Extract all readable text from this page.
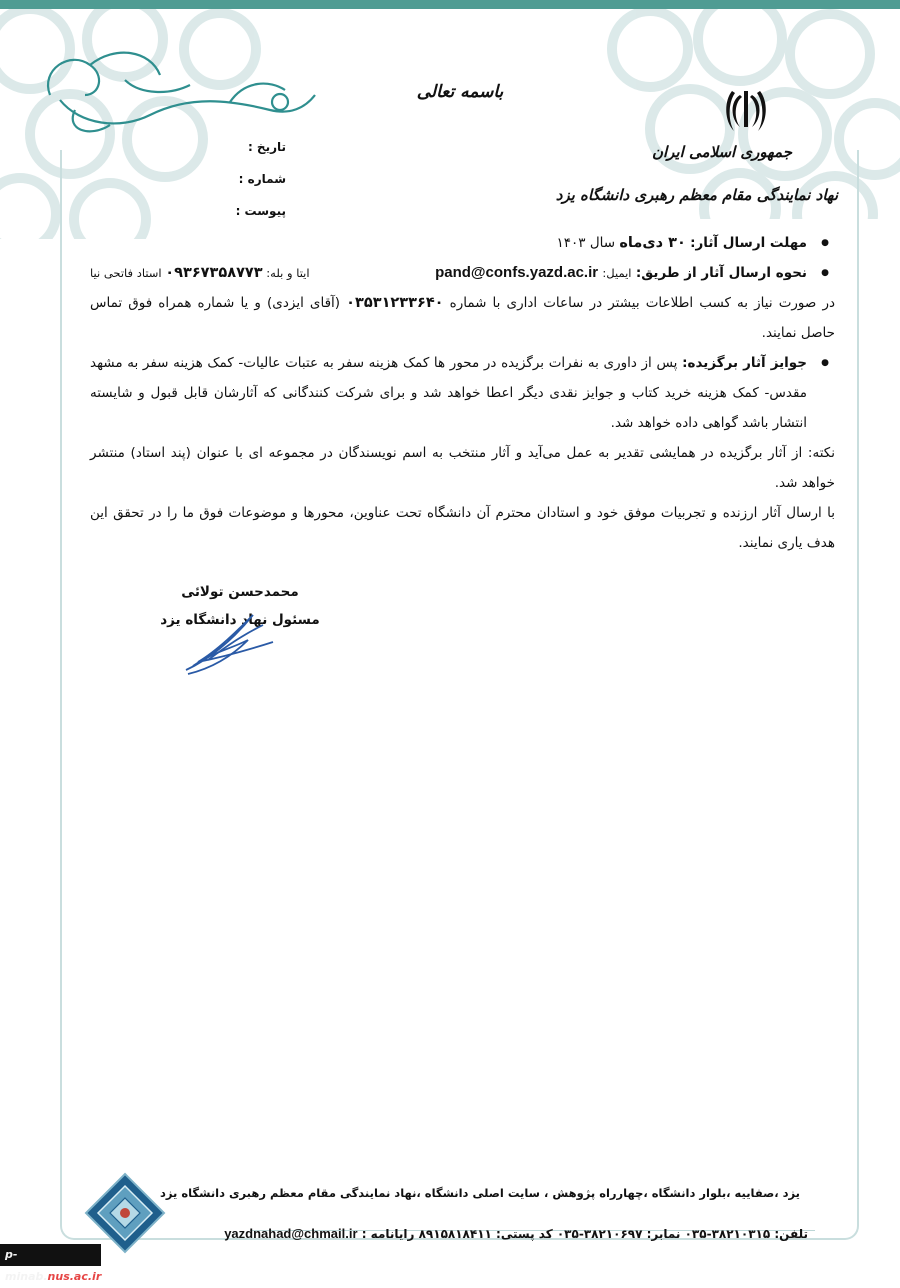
باسمه تعالی
جمهوری اسلامی ایران
نهاد نمایندگی مقام معظم رهبری دانشگاه یزد
تاریخ :
شماره :
پیوست :

● مهلت ارسال آثار: ۳۰ دی‌ماه سال ۱۴۰۳

● نحوه ارسال آثار از طریق: ایمیل: pand@confs.yazd.ac.ir
ایتا و بله: ۰۹۳۶۷۳۵۸۷۷۳ استاد فاتحی نیا

در صورت نیاز به کسب اطلاعات بیشتر در ساعات اداری با شماره ۰۳۵۳۱۲۳۳۶۴۰ (آقای ایزدی) و یا شماره همراه فوق تماس حاصل نمایند.

● جوایز آثار برگزیده: پس از داوری به نفرات برگزیده در محور ها کمک هزینه سفر به عتبات عالیات- کمک هزینه سفر به مشهد مقدس- کمک هزینه خرید کتاب و جوایز نقدی دیگر اعطا خواهد شد و برای شرکت کنندگانی که آثارشان قابل قبول و شایسته انتشار باشد گواهی داده خواهد شد.

نکته: از آثار برگزیده در همایشی تقدیر به عمل می‌آید و آثار منتخب به اسم نویسندگان در مجموعه ای با عنوان (پند استاد) منتشر خواهد شد.

با ارسال آثار ارزنده و تجربیات موفق خود و استادان محترم آن دانشگاه تحت عناوین، محورها و موضوعات فوق ما را در تحقق این هدف یاری نمایند.

محمدحسن تولائی
مسئول نهاد دانشگاه یزد
یزد ،صفاییه ،بلوار دانشگاه ،چهارراه پژوهش ، سایت اصلی دانشگاه ،نهاد نمایندگی مقام معظم رهبری دانشگاه یزد
تلفن: ۳۸۲۱۰۳۱۵-۰۳۵ نمابر: ۳۸۲۱۰۶۹۷-۰۳۵ کد پستی: ۸۹۱۵۸۱۸۴۱۱ رایانامه : yazdnahad@chmail.ir
p-minab.nus.ac.ir
